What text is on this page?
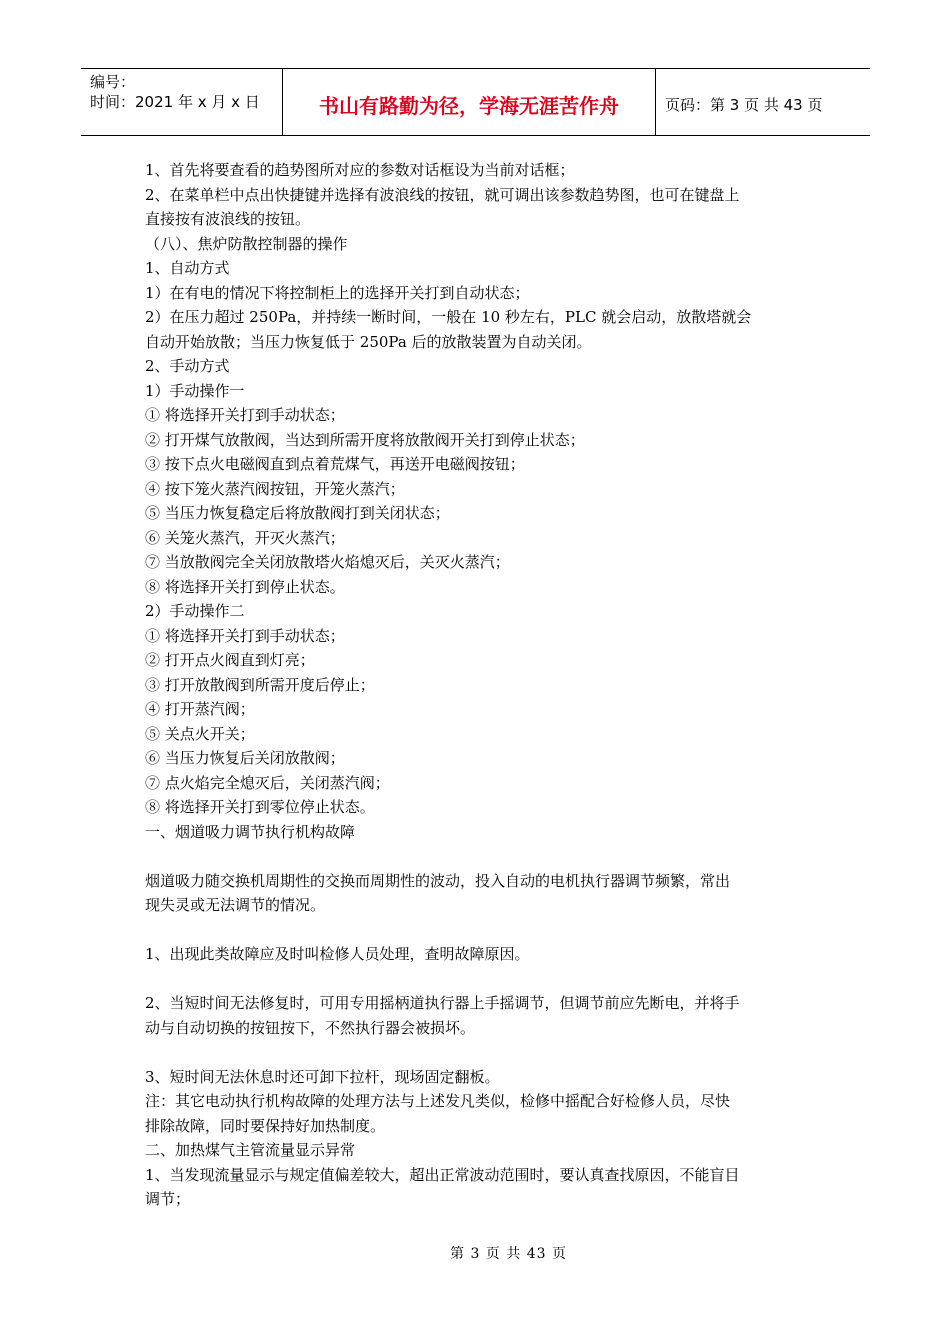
编号：
时间：2021 年 x 月 x 日	书山有路勤为径，学海无涯苦作舟	页码：第 3 页 共 43 页
1、首先将要查看的趋势图所对应的参数对话框设为当前对话框；
2、在菜单栏中点出快捷键并选择有波浪线的按钮，就可调出该参数趋势图，也可在键盘上
直接按有波浪线的按钮。
（八）、焦炉防散控制器的操作
1、自动方式
1）在有电的情况下将控制柜上的选择开关打到自动状态；
2）在压力超过 250Pa，并持续一断时间，一般在 10 秒左右，PLC 就会启动，放散塔就会
自动开始放散；当压力恢复低于 250Pa 后的放散装置为自动关闭。
2、手动方式
1）手动操作一
① 将选择开关打到手动状态；
② 打开煤气放散阀，当达到所需开度将放散阀开关打到停止状态；
③ 按下点火电磁阀直到点着荒煤气，再送开电磁阀按钮；
④ 按下笼火蒸汽阀按钮，开笼火蒸汽；
⑤ 当压力恢复稳定后将放散阀打到关闭状态；
⑥ 关笼火蒸汽，开灭火蒸汽；
⑦ 当放散阀完全关闭放散塔火焰熄灭后，关灭火蒸汽；
⑧ 将选择开关打到停止状态。
2）手动操作二
① 将选择开关打到手动状态；
② 打开点火阀直到灯亮；
③ 打开放散阀到所需开度后停止；
④ 打开蒸汽阀；
⑤ 关点火开关；
⑥ 当压力恢复后关闭放散阀；
⑦ 点火焰完全熄灭后，关闭蒸汽阀；
⑧ 将选择开关打到零位停止状态。
一、烟道吸力调节执行机构故障
烟道吸力随交换机周期性的交换而周期性的波动，投入自动的电机执行器调节频繁，常出
现失灵或无法调节的情况。
1、出现此类故障应及时叫检修人员处理，查明故障原因。
2、当短时间无法修复时，可用专用摇柄道执行器上手摇调节，但调节前应先断电，并将手
动与自动切换的按钮按下，不然执行器会被损坏。
3、短时间无法休息时还可卸下拉杆，现场固定翻板。
注：其它电动执行机构故障的处理方法与上述发凡类似，检修中摇配合好检修人员，尽快
排除故障，同时要保持好加热制度。
二、加热煤气主管流量显示异常
1、当发现流量显示与规定值偏差较大，超出正常波动范围时，要认真查找原因，不能盲目
调节；
第 3 页 共 43 页
